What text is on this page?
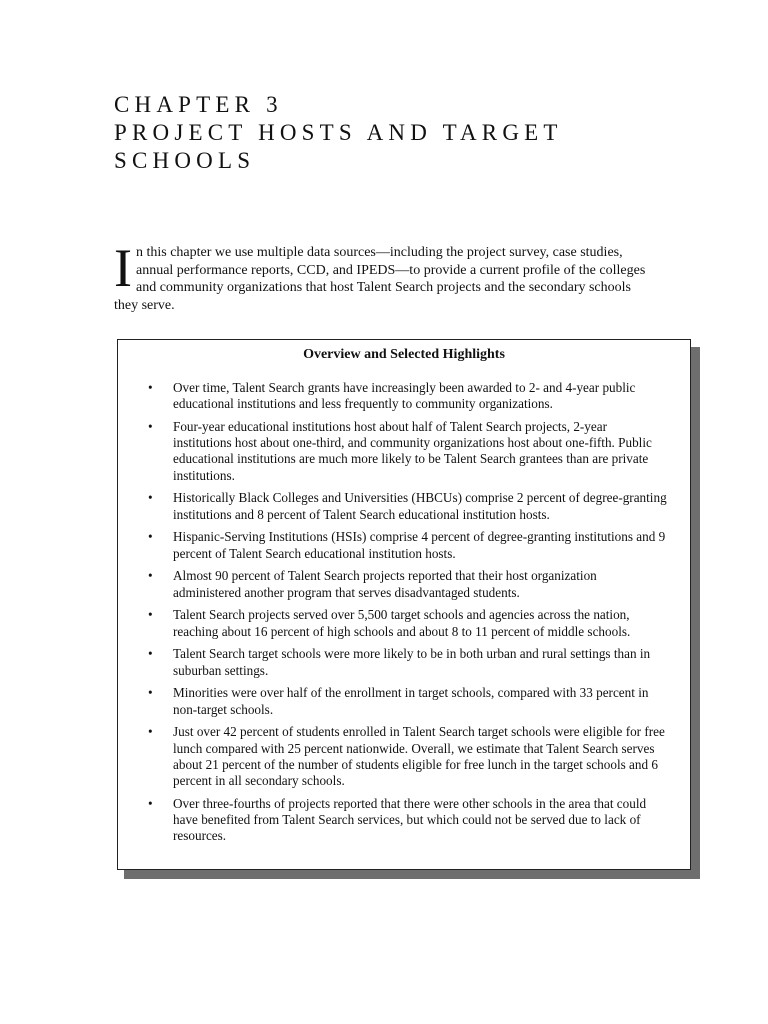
CHAPTER 3
PROJECT HOSTS AND TARGET
SCHOOLS

In this chapter we use multiple data sources—including the project survey, case studies, annual performance reports, CCD, and IPEDS—to provide a current profile of the colleges and community organizations that host Talent Search projects and the secondary schools they serve.

Overview and Selected Highlights

• Over time, Talent Search grants have increasingly been awarded to 2- and 4-year public educational institutions and less frequently to community organizations.
• Four-year educational institutions host about half of Talent Search projects, 2-year institutions host about one-third, and community organizations host about one-fifth. Public educational institutions are much more likely to be Talent Search grantees than are private institutions.
• Historically Black Colleges and Universities (HBCUs) comprise 2 percent of degree-granting institutions and 8 percent of Talent Search educational institution hosts.
• Hispanic-Serving Institutions (HSIs) comprise 4 percent of degree-granting institutions and 9 percent of Talent Search educational institution hosts.
• Almost 90 percent of Talent Search projects reported that their host organization administered another program that serves disadvantaged students.
• Talent Search projects served over 5,500 target schools and agencies across the nation, reaching about 16 percent of high schools and about 8 to 11 percent of middle schools.
• Talent Search target schools were more likely to be in both urban and rural settings than in suburban settings.
• Minorities were over half of the enrollment in target schools, compared with 33 percent in non-target schools.
• Just over 42 percent of students enrolled in Talent Search target schools were eligible for free lunch compared with 25 percent nationwide. Overall, we estimate that Talent Search serves about 21 percent of the number of students eligible for free lunch in the target schools and 6 percent in all secondary schools.
• Over three-fourths of projects reported that there were other schools in the area that could have benefited from Talent Search services, but which could not be served due to lack of resources.
